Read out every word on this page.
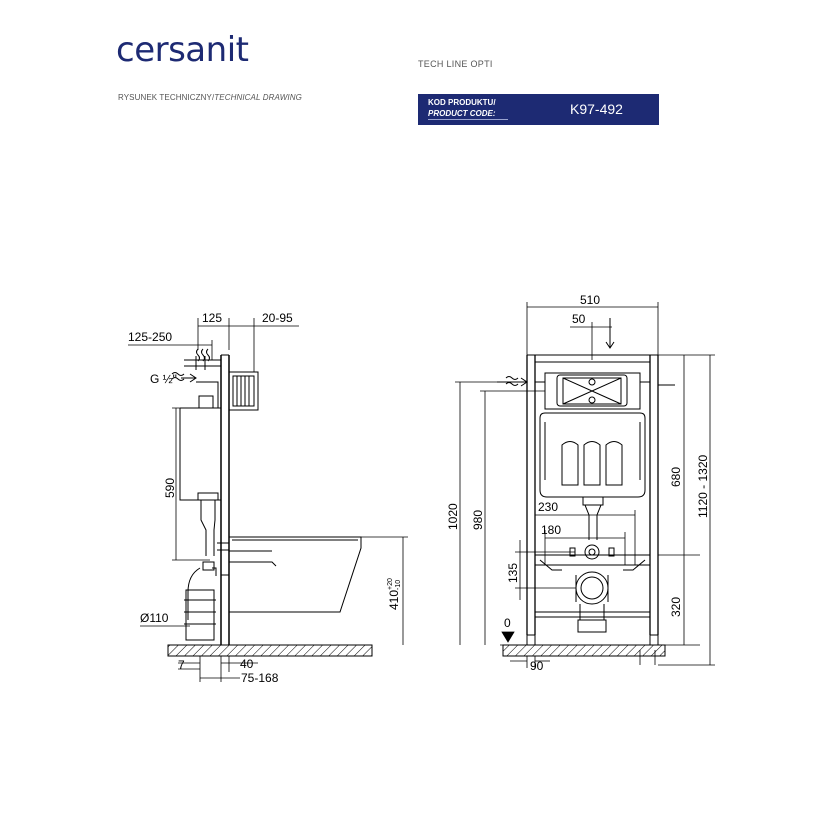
cersanit
RYSUNEK TECHNICZNY/TECHNICAL DRAWING
TECH LINE OPTI
KOD PRODUKTU/
PRODUCT CODE:	K97-492
125	20-95
125-250
G ½"
590
Ø110
7	40
75-168
410
+20 -10
510
50
1020 980
230
180
135
0
90
680
320
1120 - 1320
